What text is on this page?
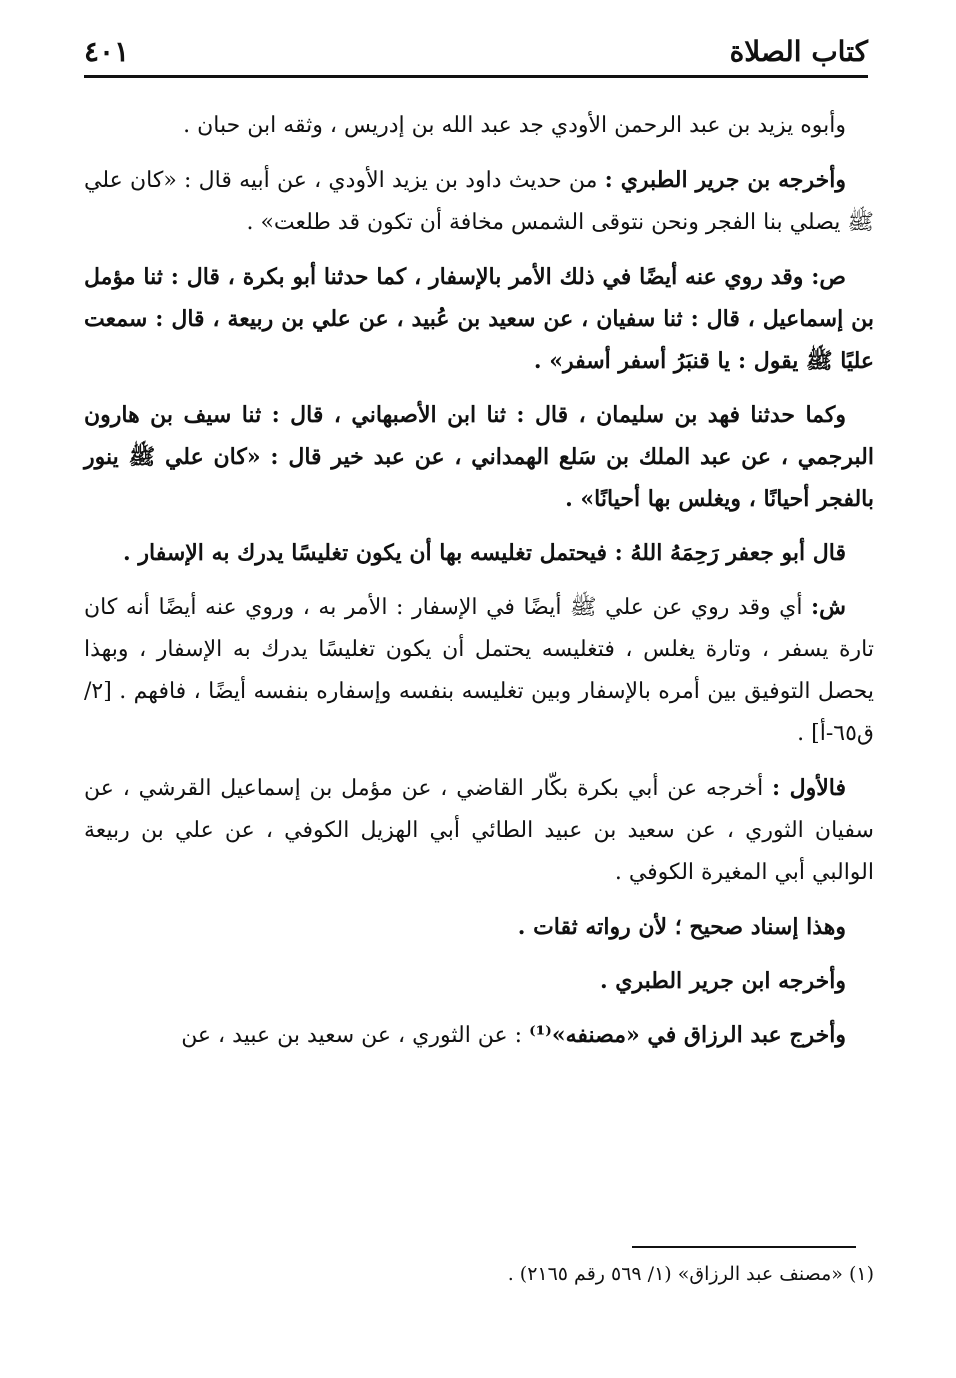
كتاب الصلاة
٤٠١

وأبوه يزيد بن عبد الرحمن الأودي جد عبد الله بن إدريس ، وثقه ابن حبان .

وأخرجه بن جرير الطبري : من حديث داود بن يزيد الأودي ، عن أبيه قال : «كان علي ﷺ يصلي بنا الفجر ونحن نتوقى الشمس مخافة أن تكون قد طلعت» .

ص: وقد روي عنه أيضًا في ذلك الأمر بالإسفار ، كما حدثنا أبو بكرة ، قال : ثنا مؤمل بن إسماعيل ، قال : ثنا سفيان ، عن سعيد بن عُبيد ، عن علي بن ربيعة ، قال : سمعت عليًا ﷺ يقول : يا قنبَرُ أسفر أسفر» .

وكما حدثنا فهد بن سليمان ، قال : ثنا ابن الأصبهاني ، قال : ثنا سيف بن هارون البرجمي ، عن عبد الملك بن سَلع الهمداني ، عن عبد خير قال : «كان علي ﷺ ينور بالفجر أحيانًا ، ويغلس بها أحيانًا» .

قال أبو جعفر رَحِمَهُ اللهُ : فيحتمل تغليسه بها أن يكون تغليسًا يدرك به الإسفار .

ش: أي وقد روي عن علي ﷺ أيضًا في الإسفار : الأمر به ، وروي عنه أيضًا أنه كان تارة يسفر ، وتارة يغلس ، فتغليسه يحتمل أن يكون تغليسًا يدرك به الإسفار ، وبهذا يحصل التوفيق بين أمره بالإسفار وبين تغليسه بنفسه وإسفاره بنفسه أيضًا ، فافهم . [٢/ ق٦٥-أ] .

فالأول : أخرجه عن أبي بكرة بكّار القاضي ، عن مؤمل بن إسماعيل القرشي ، عن سفيان الثوري ، عن سعيد بن عبيد الطائي أبي الهزيل الكوفي ، عن علي بن ربيعة الوالبي أبي المغيرة الكوفي .

وهذا إسناد صحيح ؛ لأن رواته ثقات .

وأخرجه ابن جرير الطبري .

وأخرج عبد الرزاق في «مصنفه»⁽¹⁾ : عن الثوري ، عن سعيد بن عبيد ، عن

(١)«مصنف عبد الرزاق» (١/ ٥٦٩ رقم ٢١٦٥) .
